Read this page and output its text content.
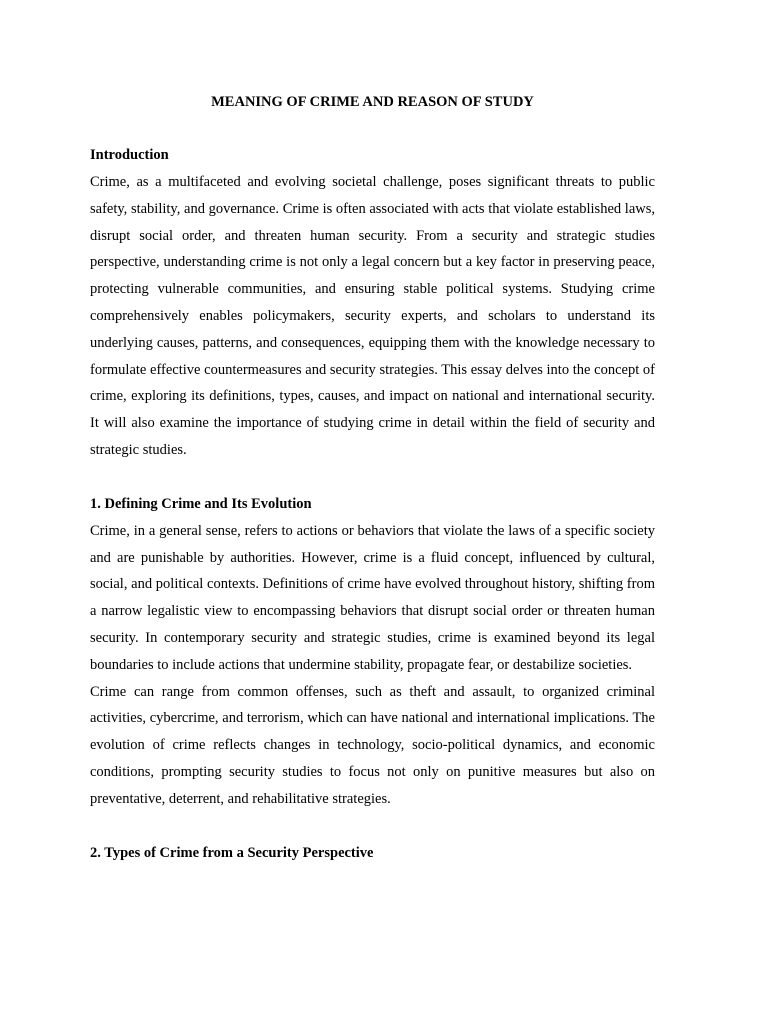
MEANING OF CRIME AND REASON OF STUDY
Introduction

Crime, as a multifaceted and evolving societal challenge, poses significant threats to public safety, stability, and governance. Crime is often associated with acts that violate established laws, disrupt social order, and threaten human security. From a security and strategic studies perspective, understanding crime is not only a legal concern but a key factor in preserving peace, protecting vulnerable communities, and ensuring stable political systems. Studying crime comprehensively enables policymakers, security experts, and scholars to understand its underlying causes, patterns, and consequences, equipping them with the knowledge necessary to formulate effective countermeasures and security strategies. This essay delves into the concept of crime, exploring its definitions, types, causes, and impact on national and international security. It will also examine the importance of studying crime in detail within the field of security and strategic studies.

1. Defining Crime and Its Evolution

Crime, in a general sense, refers to actions or behaviors that violate the laws of a specific society and are punishable by authorities. However, crime is a fluid concept, influenced by cultural, social, and political contexts. Definitions of crime have evolved throughout history, shifting from a narrow legalistic view to encompassing behaviors that disrupt social order or threaten human security. In contemporary security and strategic studies, crime is examined beyond its legal boundaries to include actions that undermine stability, propagate fear, or destabilize societies.

Crime can range from common offenses, such as theft and assault, to organized criminal activities, cybercrime, and terrorism, which can have national and international implications. The evolution of crime reflects changes in technology, socio-political dynamics, and economic conditions, prompting security studies to focus not only on punitive measures but also on preventative, deterrent, and rehabilitative strategies.

2. Types of Crime from a Security Perspective
